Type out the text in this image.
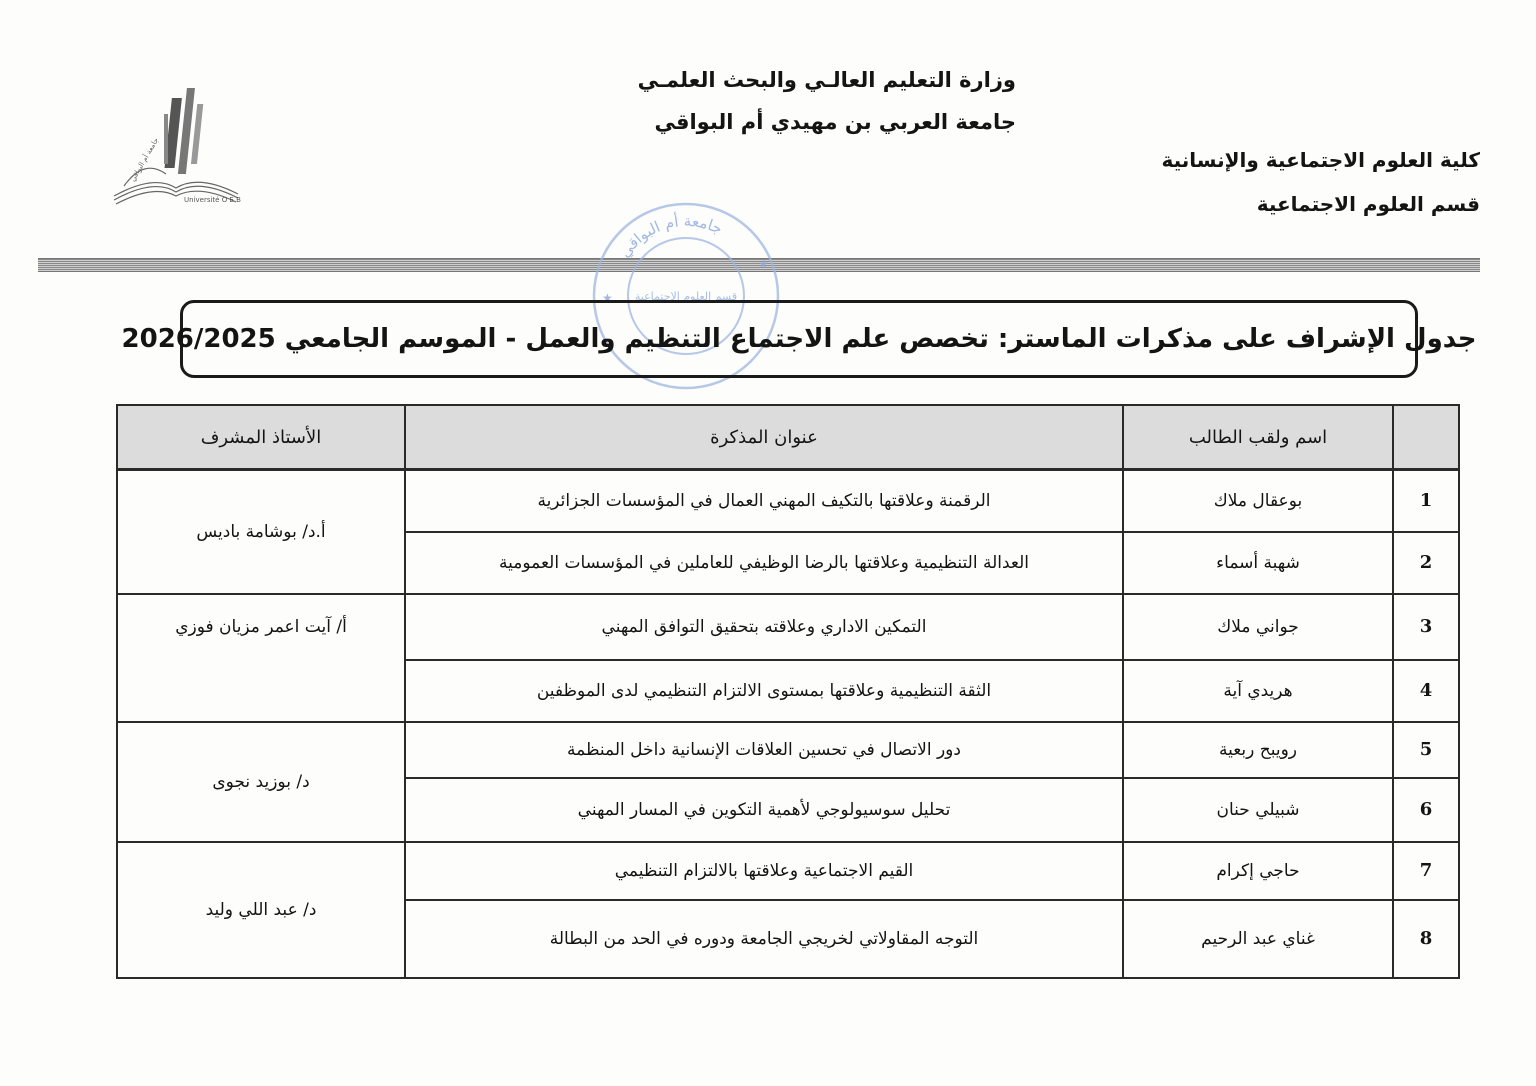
وزارة التعليم العالـي والبحث العلمـي
جامعة العربي بن مهيدي أم البواقي
كلية العلوم الاجتماعية والإنسانية
قسم العلوم الاجتماعية
جامعة أم البواقي
Université O E B
جامعة أم البواقي
قسم العلوم الاجتماعية
★
★
جدول الإشراف على مذكرات الماستر: تخصص علم الاجتماع التنظيم والعمل - الموسم الجامعي 2026/2025
	اسم ولقب الطالب	عنوان المذكرة	الأستاذ المشرف
1	بوعقال ملاك	الرقمنة وعلاقتها بالتكيف المهني العمال في المؤسسات الجزائرية	أ.د/ بوشامة باديس
2	شهبة أسماء	العدالة التنظيمية وعلاقتها بالرضا الوظيفي للعاملين في المؤسسات العمومية	
3	جواني ملاك	التمكين الاداري وعلاقته بتحقيق التوافق المهني	أ/ آيت اعمر مزيان فوزي
4	هريدي آية	الثقة التنظيمية وعلاقتها بمستوى الالتزام التنظيمي لدى الموظفين	
5	رويبح ربعية	دور الاتصال في تحسين العلاقات الإنسانية داخل المنظمة	د/ بوزيد نجوى
6	شبيلي حنان	تحليل سوسيولوجي لأهمية التكوين في المسار المهني	
7	حاجي إكرام	القيم الاجتماعية وعلاقتها بالالتزام التنظيمي	د/ عبد اللي وليد
8	غناي عبد الرحيم	التوجه المقاولاتي لخريجي الجامعة ودوره في الحد من البطالة	
